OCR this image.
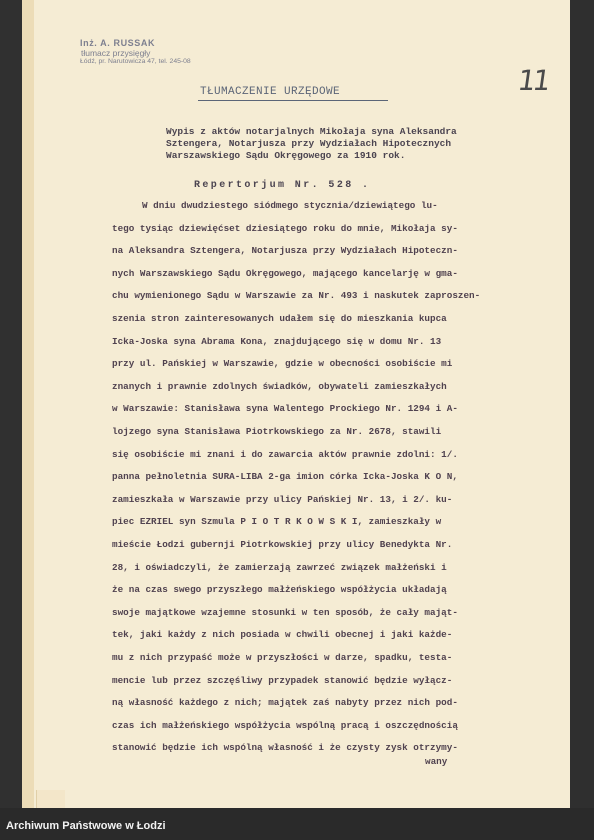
Inż. A. RUSSAK
tłumacz przysięgły
Łódź, pr. Narutowicza 47, tel. 245-08
11
TŁUMACZENIE URZĘDOWE
Wypis z aktów notarjalnych Mikołaja syna Aleksandra
Sztengera, Notarjusza przy Wydziałach Hipotecznych
Warszawskiego Sądu Okręgowego za 1910 rok.
Repertorjum Nr. 528 .
W dniu dwudziestego siódmego stycznia/dziewiątego lu-
tego tysiąc dziewięćset dziesiątego roku do mnie, Mikołaja sy-
na Aleksandra Sztengera, Notarjusza przy Wydziałach Hipoteczn-
nych Warszawskiego Sądu Okręgowego, mającego kancelarję w gma-
chu wymienionego Sądu w Warszawie za Nr. 493 i naskutek zaproszen-
szenia stron zainteresowanych udałem się do mieszkania kupca
Icka-Joska syna Abrama Kona, znajdującego się w domu Nr. 13
przy ul. Pańskiej w Warszawie, gdzie w obecności osobiście mi
znanych i prawnie zdolnych świadków, obywateli zamieszkałych
w Warszawie: Stanisława syna Walentego Prockiego Nr. 1294 i A-
lojzego syna Stanisława Piotrkowskiego za Nr. 2678, stawili
się osobiście mi znani i do zawarcia aktów prawnie zdolni: 1/.
panna pełnoletnia SURA-LIBA 2-ga imion córka Icka-Joska K O N,
zamieszkała w Warszawie przy ulicy Pańskiej Nr. 13, i 2/. ku-
piec EZRIEL syn Szmula P I O T R K O W S K I, zamieszkały w
mieście Łodzi gubernji Piotrkowskiej przy ulicy Benedykta Nr.
28, i oświadczyli, że zamierzają zawrzeć związek małżeński i
że na czas swego przyszłego małżeńskiego współżycia układają
swoje majątkowe wzajemne stosunki w ten sposób, że cały mająt-
tek, jaki każdy z nich posiada w chwili obecnej i jaki każde-
mu z nich przypaść może w przyszłości w darze, spadku, testa-
mencie lub przez szczęśliwy przypadek stanowić będzie wyłącz-
ną własność każdego z nich; majątek zaś nabyty przez nich pod-
czas ich małżeńskiego współżycia wspólną pracą i oszczędnością
stanowić będzie ich wspólną własność i że czysty zysk otrzymy-
wany
Archiwum Państwowe w Łodzi
